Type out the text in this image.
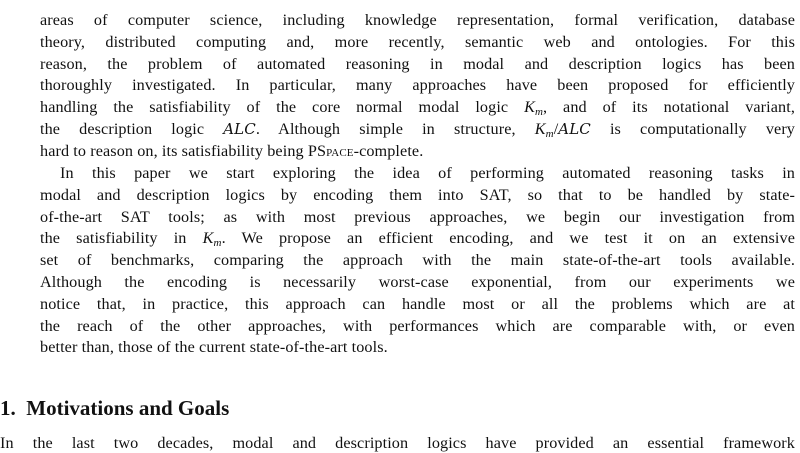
1. Motivations and Goals
areas of computer science, including knowledge representation, formal verification, database
theory, distributed computing and, more recently, semantic web and ontologies. For this
reason, the problem of automated reasoning in modal and description logics has been
thoroughly investigated. In particular, many approaches have been proposed for efficiently
handling the satisfiability of the core normal modal logic $K_m$, and of its notational variant,
the description logic ALC. Although simple in structure, $K_m$/ALC is computationally very
hard to reason on, its satisfiability being PSpace-complete.
In this paper we start exploring the idea of performing automated reasoning tasks in
modal and description logics by encoding them into SAT, so that to be handled by state-
of-the-art SAT tools; as with most previous approaches, we begin our investigation from
the satisfiability in $K_m$. We propose an efficient encoding, and we test it on an extensive
set of benchmarks, comparing the approach with the main state-of-the-art tools available.
Although the encoding is necessarily worst-case exponential, from our experiments we
notice that, in practice, this approach can handle most or all the problems which are at
the reach of the other approaches, with performances which are comparable with, or even
better than, those of the current state-of-the-art tools.
In the last two decades, modal and description logics have provided an essential framework
